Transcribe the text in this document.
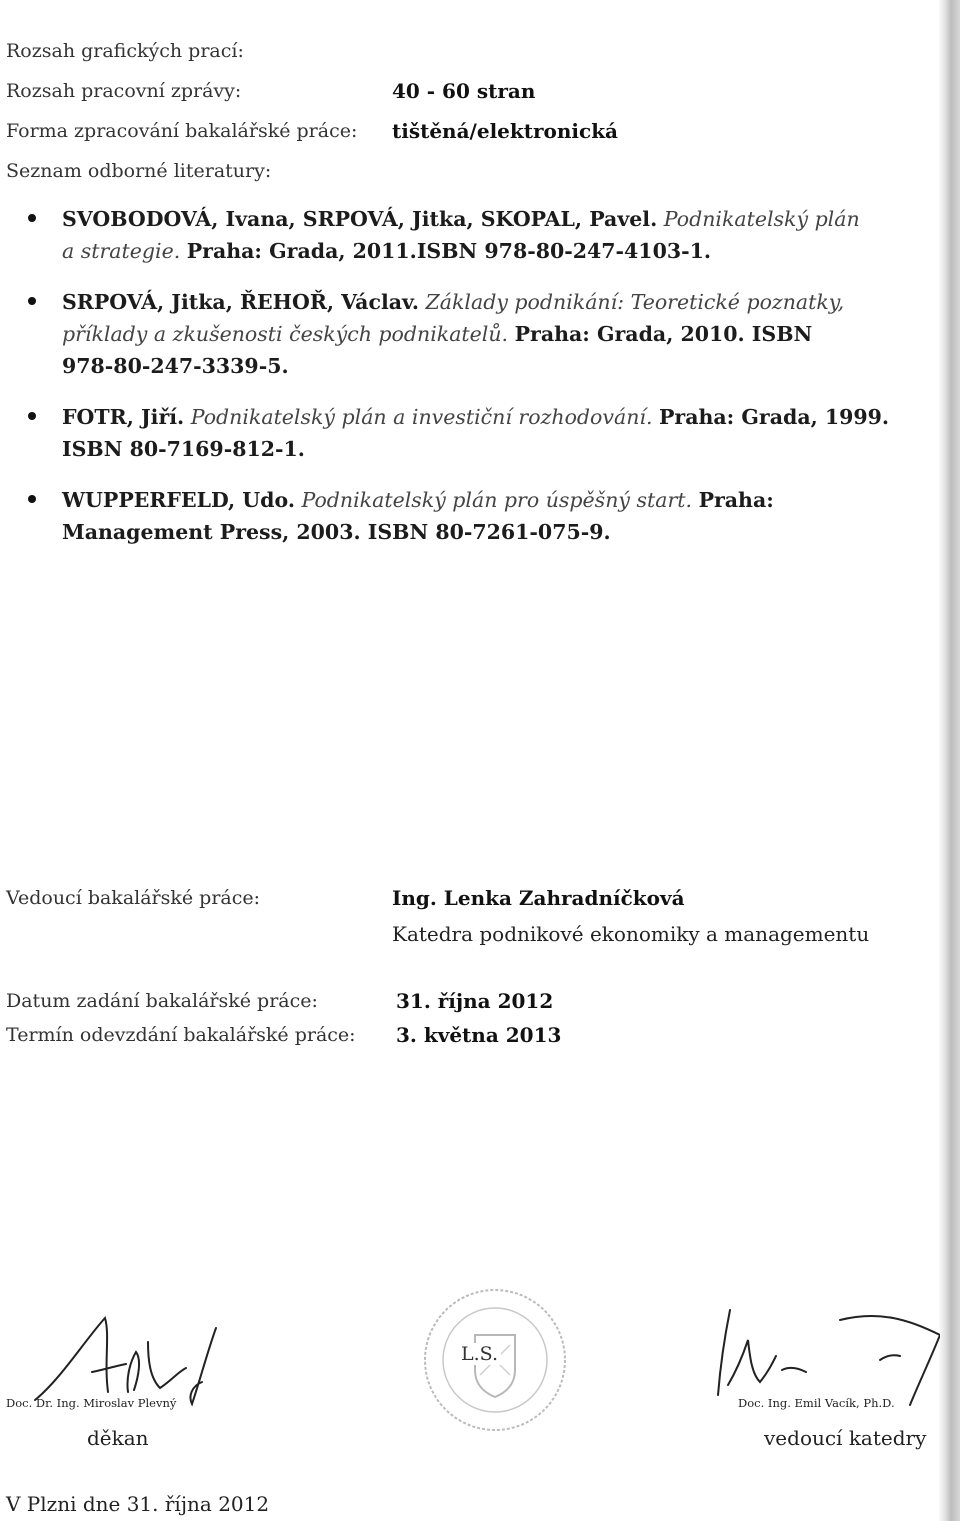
Rozsah grafických prací:
Rozsah pracovní zprávy:	40 - 60 stran
Forma zpracování bakalářské práce: tištěná/elektronická
Seznam odborné literatury:
SVOBODOVÁ, Ivana, SRPOVÁ, Jitka, SKOPAL, Pavel. Podnikatelský plán
a strategie. Praha: Grada, 2011.ISBN 978-80-247-4103-1.
SRPOVÁ, Jitka, ŘEHOŘ, Václav. Základy podnikání: Teoretické poznatky,
příklady a zkušenosti českých podnikatelů. Praha: Grada, 2010. ISBN
978-80-247-3339-5.
FOTR, Jiří. Podnikatelský plán a investiční rozhodování. Praha: Grada, 1999.
ISBN 80-7169-812-1.
WUPPERFELD, Udo. Podnikatelský plán pro úspěšný start. Praha:
Management Press, 2003. ISBN 80-7261-075-9.
Vedoucí bakalářské práce:	Ing. Lenka Zahradníčková
Katedra podnikové ekonomiky a managementu
Datum zadání bakalářské práce:	31. října 2012
Termín odevzdání bakalářské práce: 3. května 2013
Doc. Dr. Ing. Miroslav Plevný
děkan
L.S.
Doc. Ing. Emil Vacík, Ph.D.
vedoucí katedry
V Plzni dne 31. října 2012
